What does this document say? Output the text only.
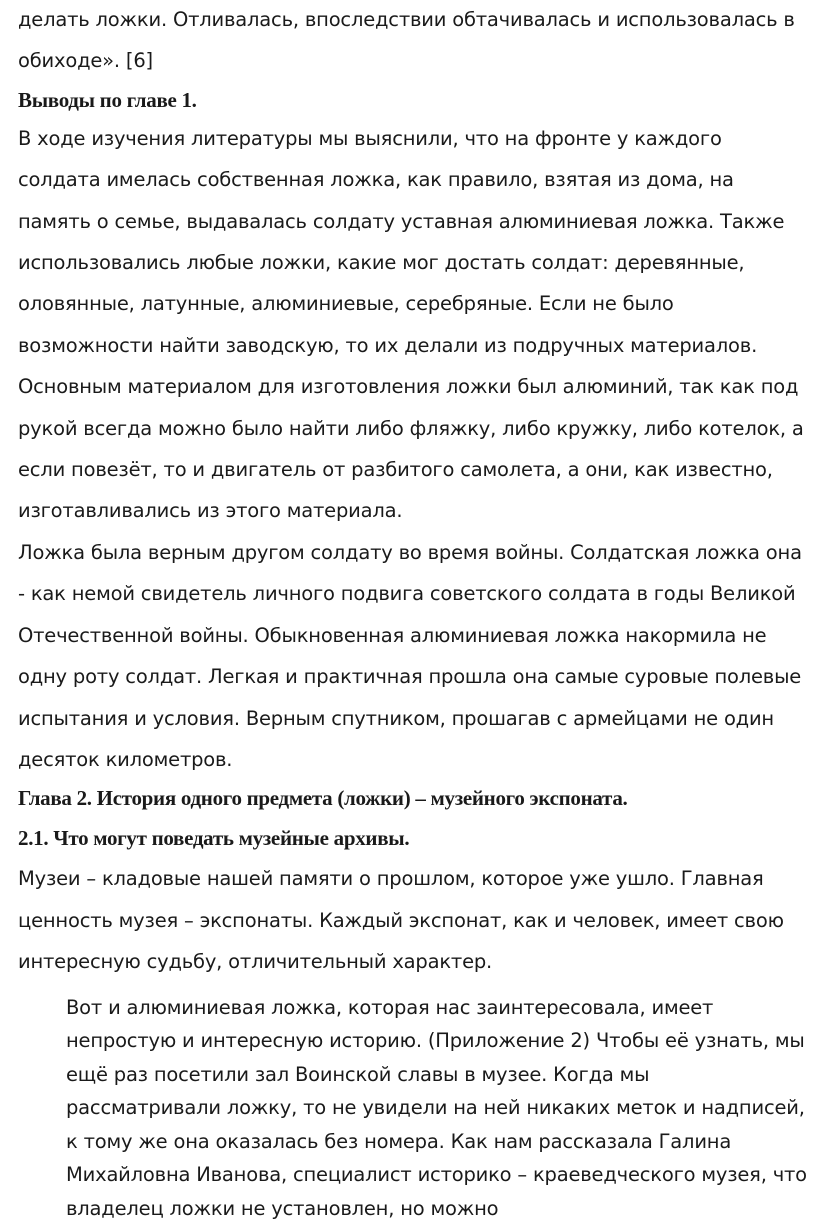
делать ложки. Отливалась, впоследствии обтачивалась и использовалась в обиходе». [6]

Выводы по главе 1.

В ходе изучения литературы мы выяснили, что на фронте у каждого солдата имелась собственная ложка, как правило, взятая из дома, на память о семье, выдавалась солдату уставная алюминиевая ложка. Также использовались любые ложки, какие мог достать солдат: деревянные, оловянные, латунные, алюминиевые, серебряные. Если не было возможности найти заводскую, то их делали из подручных материалов. Основным материалом для изготовления ложки был алюминий, так как под рукой всегда можно было найти либо фляжку, либо кружку, либо котелок, а если повезёт, то и двигатель от разбитого самолета, а они, как известно, изготавливались из этого материала.

Ложка была верным другом солдату во время войны. Солдатская ложка она - как немой свидетель личного подвига советского солдата в годы Великой Отечественной войны. Обыкновенная алюминиевая ложка накормила не одну роту солдат. Легкая и практичная прошла она самые суровые полевые испытания и условия. Верным спутником, прошагав с армейцами не один десяток километров.

Глава 2. История одного предмета (ложки) – музейного экспоната.
2.1. Что могут поведать музейные архивы.

Музеи – кладовые нашей памяти о прошлом, которое уже ушло. Главная ценность музея – экспонаты. Каждый экспонат, как и человек, имеет свою интересную судьбу, отличительный характер.

Вот и алюминиевая ложка, которая нас заинтересовала, имеет непростую и интересную историю. (Приложение 2) Чтобы её узнать, мы ещё раз посетили зал Воинской славы в музее. Когда мы рассматривали ложку, то не увидели на ней никаких меток и надписей, к тому же она оказалась без номера. Как нам рассказала Галина Михайловна Иванова, специалист историко – краеведческого музея, что владелец ложки не установлен, но можно
